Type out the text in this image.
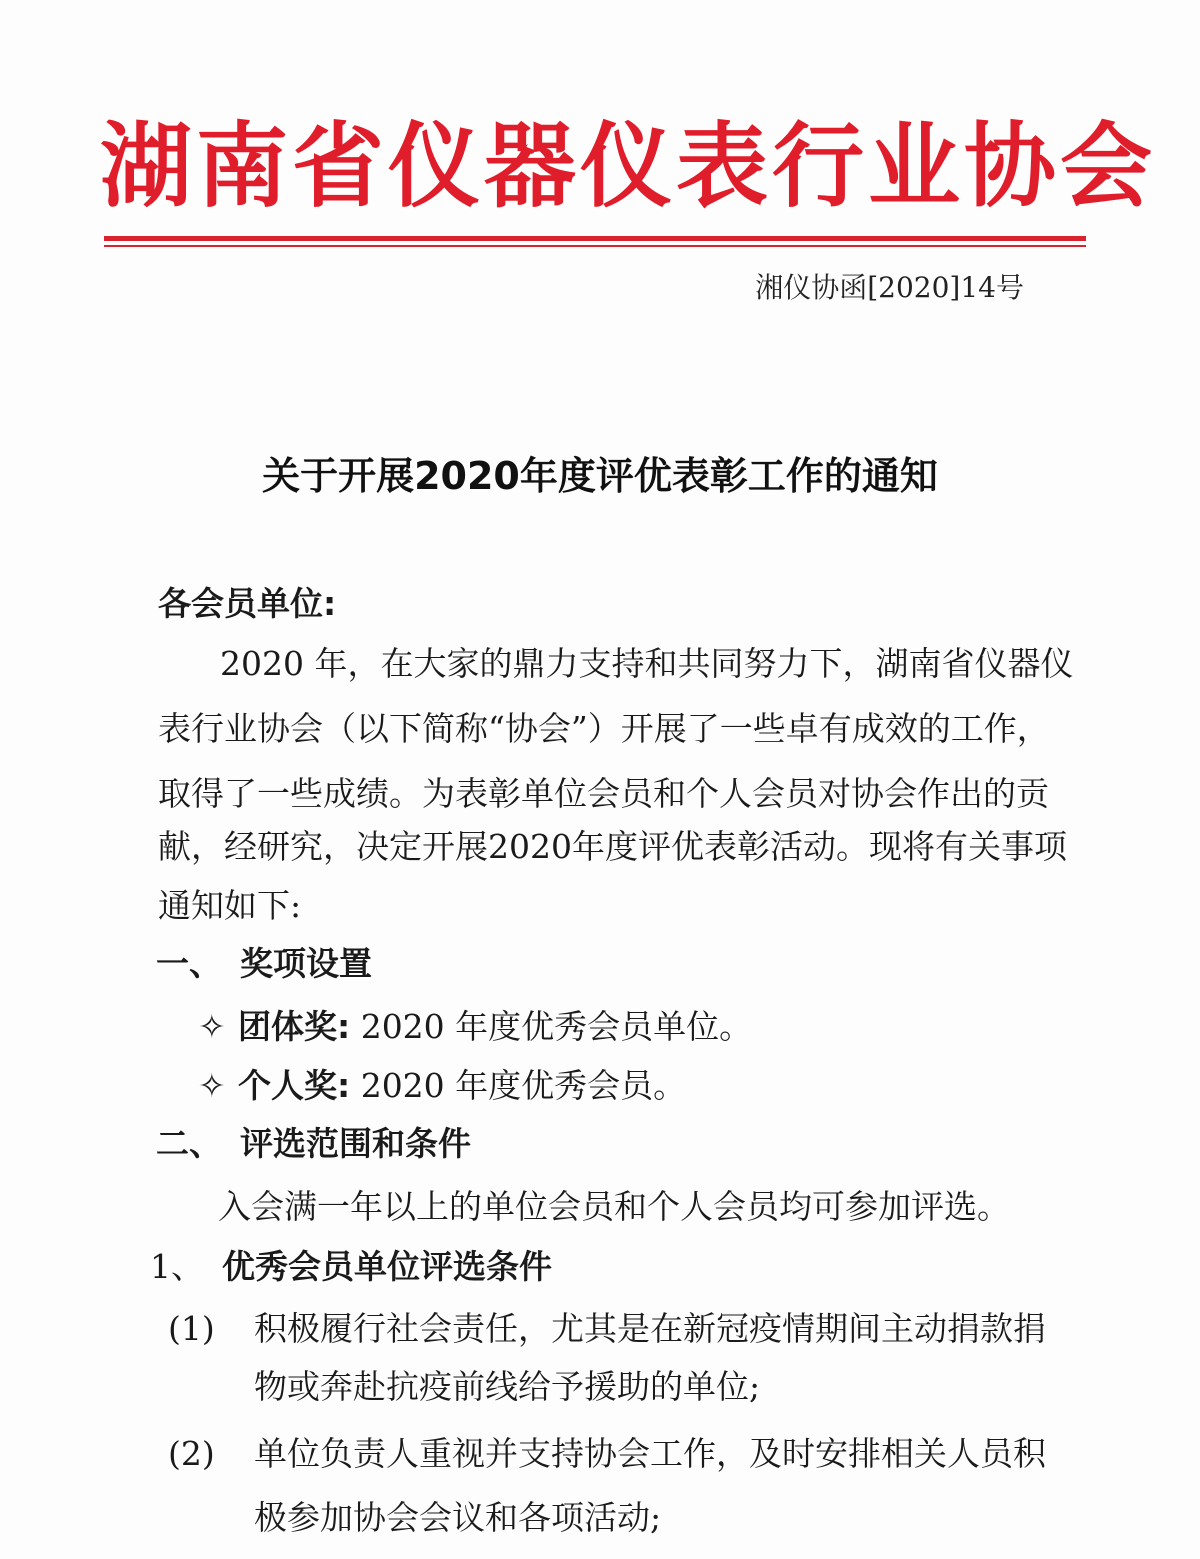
湖南省仪器仪表行业协会
湘仪协函[2020]14号
关于开展2020年度评优表彰工作的通知
各会员单位:
2020 年，在大家的鼎力支持和共同努力下，湖南省仪器仪
表行业协会（以下简称“协会”）开展了一些卓有成效的工作，
取得了一些成绩。为表彰单位会员和个人会员对协会作出的贡
献，经研究，决定开展2020年度评优表彰活动。现将有关事项
通知如下:
一、 奖项设置
✧ 团体奖: 2020 年度优秀会员单位。
✧ 个人奖: 2020 年度优秀会员。
二、 评选范围和条件
入会满一年以上的单位会员和个人会员均可参加评选。
1、 优秀会员单位评选条件
(1) 积极履行社会责任，尤其是在新冠疫情期间主动捐款捐
物或奔赴抗疫前线给予援助的单位;
(2) 单位负责人重视并支持协会工作，及时安排相关人员积
极参加协会会议和各项活动;
